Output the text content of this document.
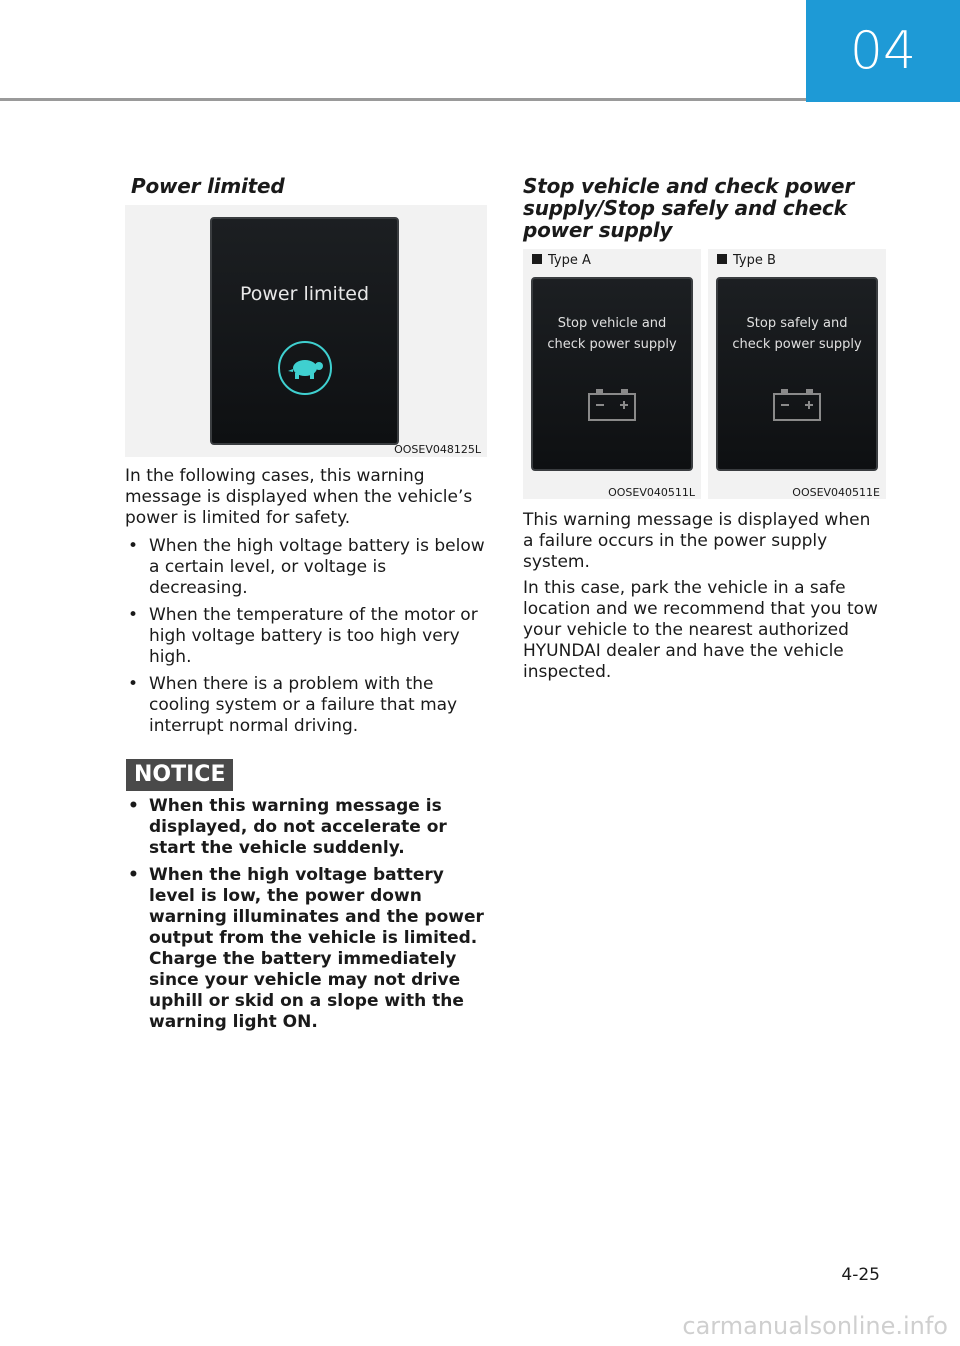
04
Power limited
Power limited
OOSEV048125L

In the following cases, this warning message is displayed when the vehicle’s power is limited for safety.

• When the high voltage battery is below a certain level, or voltage is decreasing.
• When the temperature of the motor or high voltage battery is too high very high.
• When there is a problem with the cooling system or a failure that may interrupt normal driving.
NOTICE
• When this warning message is displayed, do not accelerate or start the vehicle suddenly.
• When the high voltage battery level is low, the power down warning illuminates and the power output from the vehicle is limited. Charge the battery immediately since your vehicle may not drive uphill or skid on a slope with the warning light ON.
Stop vehicle and check power supply/Stop safely and check power supply
Type A
Stop vehicle and
check power supply
OOSEV040511L
Type B
Stop safely and
check power supply
OOSEV040511E

This warning message is displayed when a failure occurs in the power supply system.

In this case, park the vehicle in a safe location and we recommend that you tow your vehicle to the nearest authorized HYUNDAI dealer and have the vehicle inspected.

4-25
carmanualsonline.info
